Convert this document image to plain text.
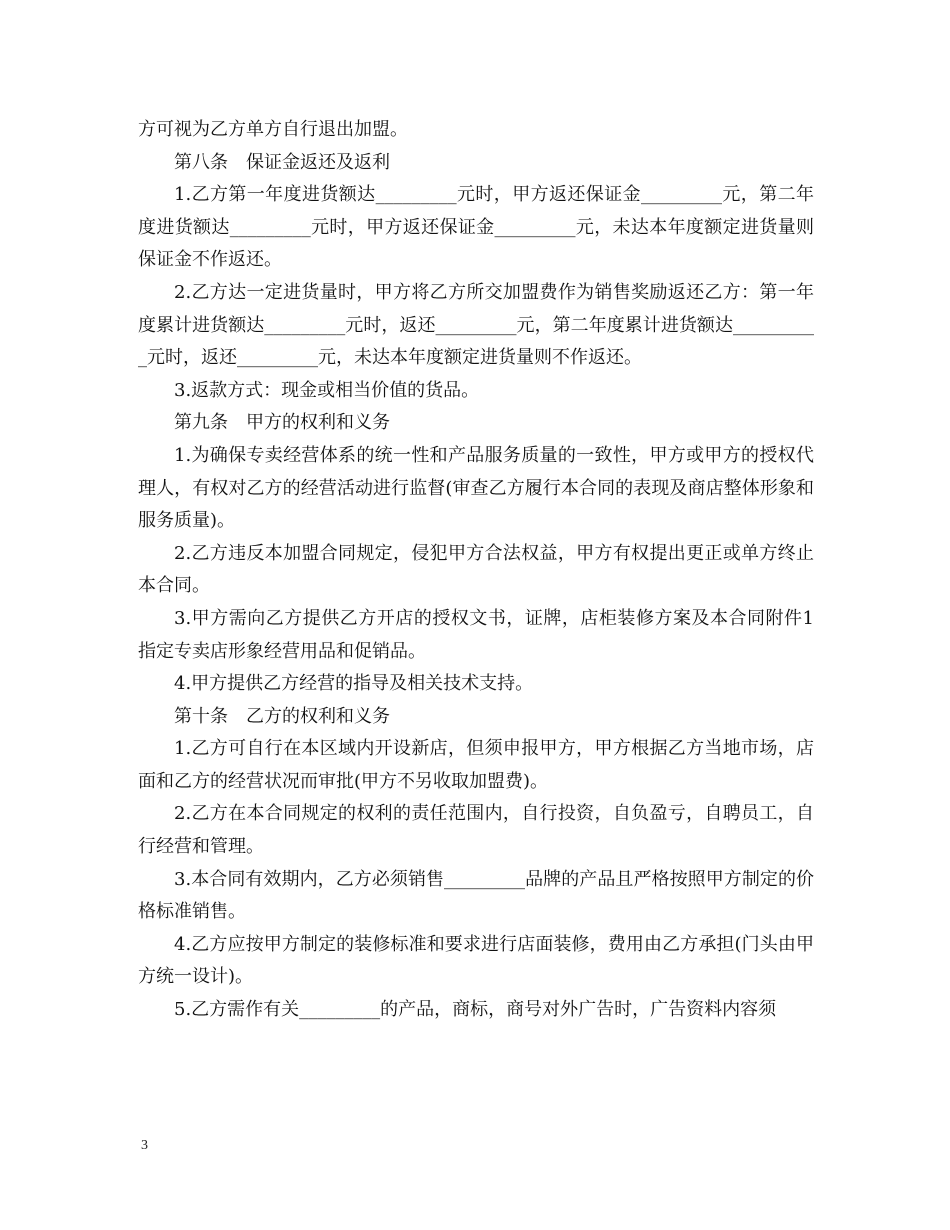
方可视为乙方单方自行退出加盟。

第八条　保证金返还及返利

1.乙方第一年度进货额达_________元时，甲方返还保证金_________元，第二年度进货额达_________元时，甲方返还保证金_________元，未达本年度额定进货量则保证金不作返还。

2.乙方达一定进货量时，甲方将乙方所交加盟费作为销售奖励返还乙方：第一年度累计进货额达_________元时，返还_________元，第二年度累计进货额达__________元时，返还_________元，未达本年度额定进货量则不作返还。

3.返款方式：现金或相当价值的货品。

第九条　甲方的权利和义务

1.为确保专卖经营体系的统一性和产品服务质量的一致性，甲方或甲方的授权代理人，有权对乙方的经营活动进行监督(审查乙方履行本合同的表现及商店整体形象和服务质量)。

2.乙方违反本加盟合同规定，侵犯甲方合法权益，甲方有权提出更正或单方终止本合同。

3.甲方需向乙方提供乙方开店的授权文书，证牌，店柜装修方案及本合同附件1指定专卖店形象经营用品和促销品。

4.甲方提供乙方经营的指导及相关技术支持。

第十条　乙方的权利和义务

1.乙方可自行在本区域内开设新店，但须申报甲方，甲方根据乙方当地市场，店面和乙方的经营状况而审批(甲方不另收取加盟费)。

2.乙方在本合同规定的权利的责任范围内，自行投资，自负盈亏，自聘员工，自行经营和管理。

3.本合同有效期内，乙方必须销售_________品牌的产品且严格按照甲方制定的价格标准销售。

4.乙方应按甲方制定的装修标准和要求进行店面装修，费用由乙方承担(门头由甲方统一设计)。

5.乙方需作有关_________的产品，商标，商号对外广告时，广告资料内容须

3
